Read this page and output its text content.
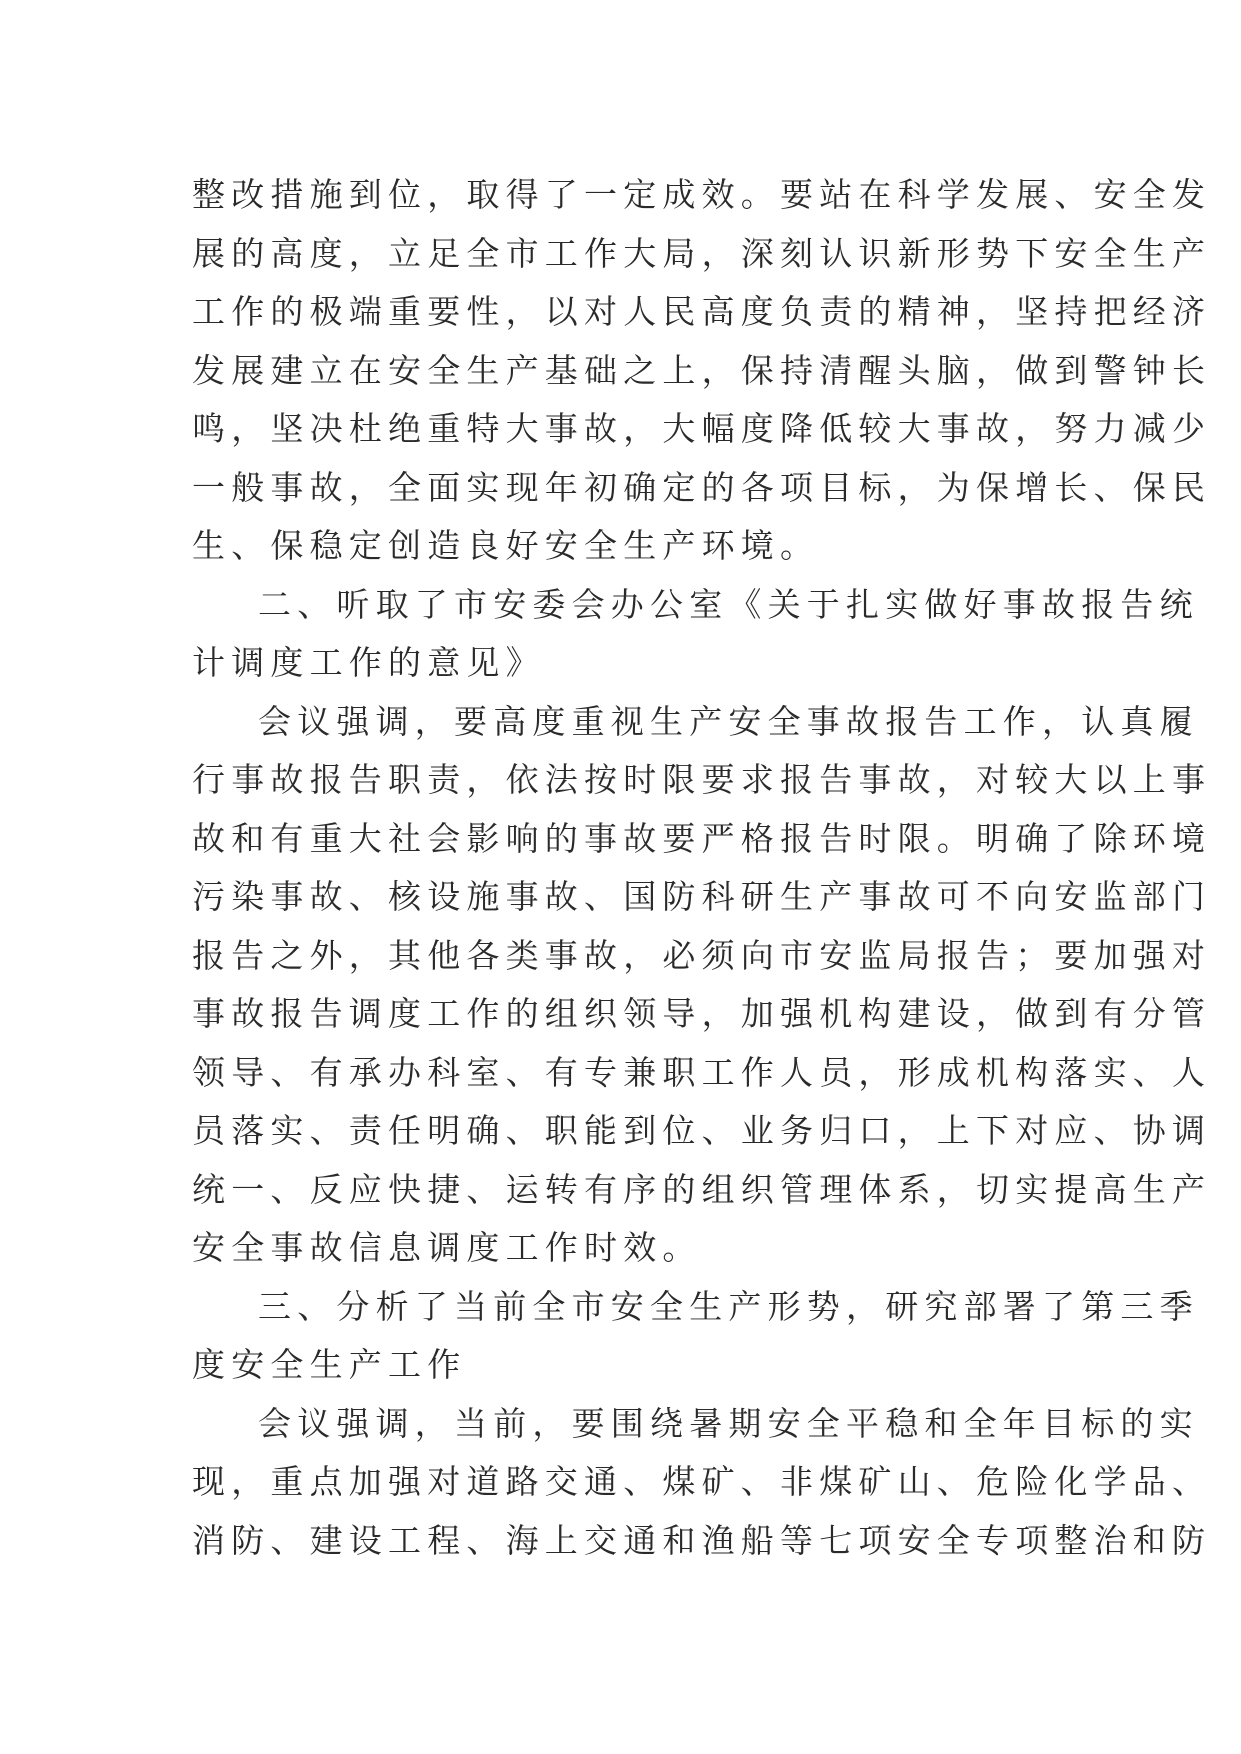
整改措施到位，取得了一定成效。要站在科学发展、安全发
展的高度，立足全市工作大局，深刻认识新形势下安全生产
工作的极端重要性，以对人民高度负责的精神，坚持把经济
发展建立在安全生产基础之上，保持清醒头脑，做到警钟长
鸣，坚决杜绝重特大事故，大幅度降低较大事故，努力减少
一般事故，全面实现年初确定的各项目标，为保增长、保民
生、保稳定创造良好安全生产环境。
二、听取了市安委会办公室《关于扎实做好事故报告统
计调度工作的意见》
会议强调，要高度重视生产安全事故报告工作，认真履
行事故报告职责，依法按时限要求报告事故，对较大以上事
故和有重大社会影响的事故要严格报告时限。明确了除环境
污染事故、核设施事故、国防科研生产事故可不向安监部门
报告之外，其他各类事故，必须向市安监局报告；要加强对
事故报告调度工作的组织领导，加强机构建设，做到有分管
领导、有承办科室、有专兼职工作人员，形成机构落实、人
员落实、责任明确、职能到位、业务归口，上下对应、协调
统一、反应快捷、运转有序的组织管理体系，切实提高生产
安全事故信息调度工作时效。
三、分析了当前全市安全生产形势，研究部署了第三季
度安全生产工作
会议强调，当前，要围绕暑期安全平稳和全年目标的实
现，重点加强对道路交通、煤矿、非煤矿山、危险化学品、
消防、建设工程、海上交通和渔船等七项安全专项整治和防
